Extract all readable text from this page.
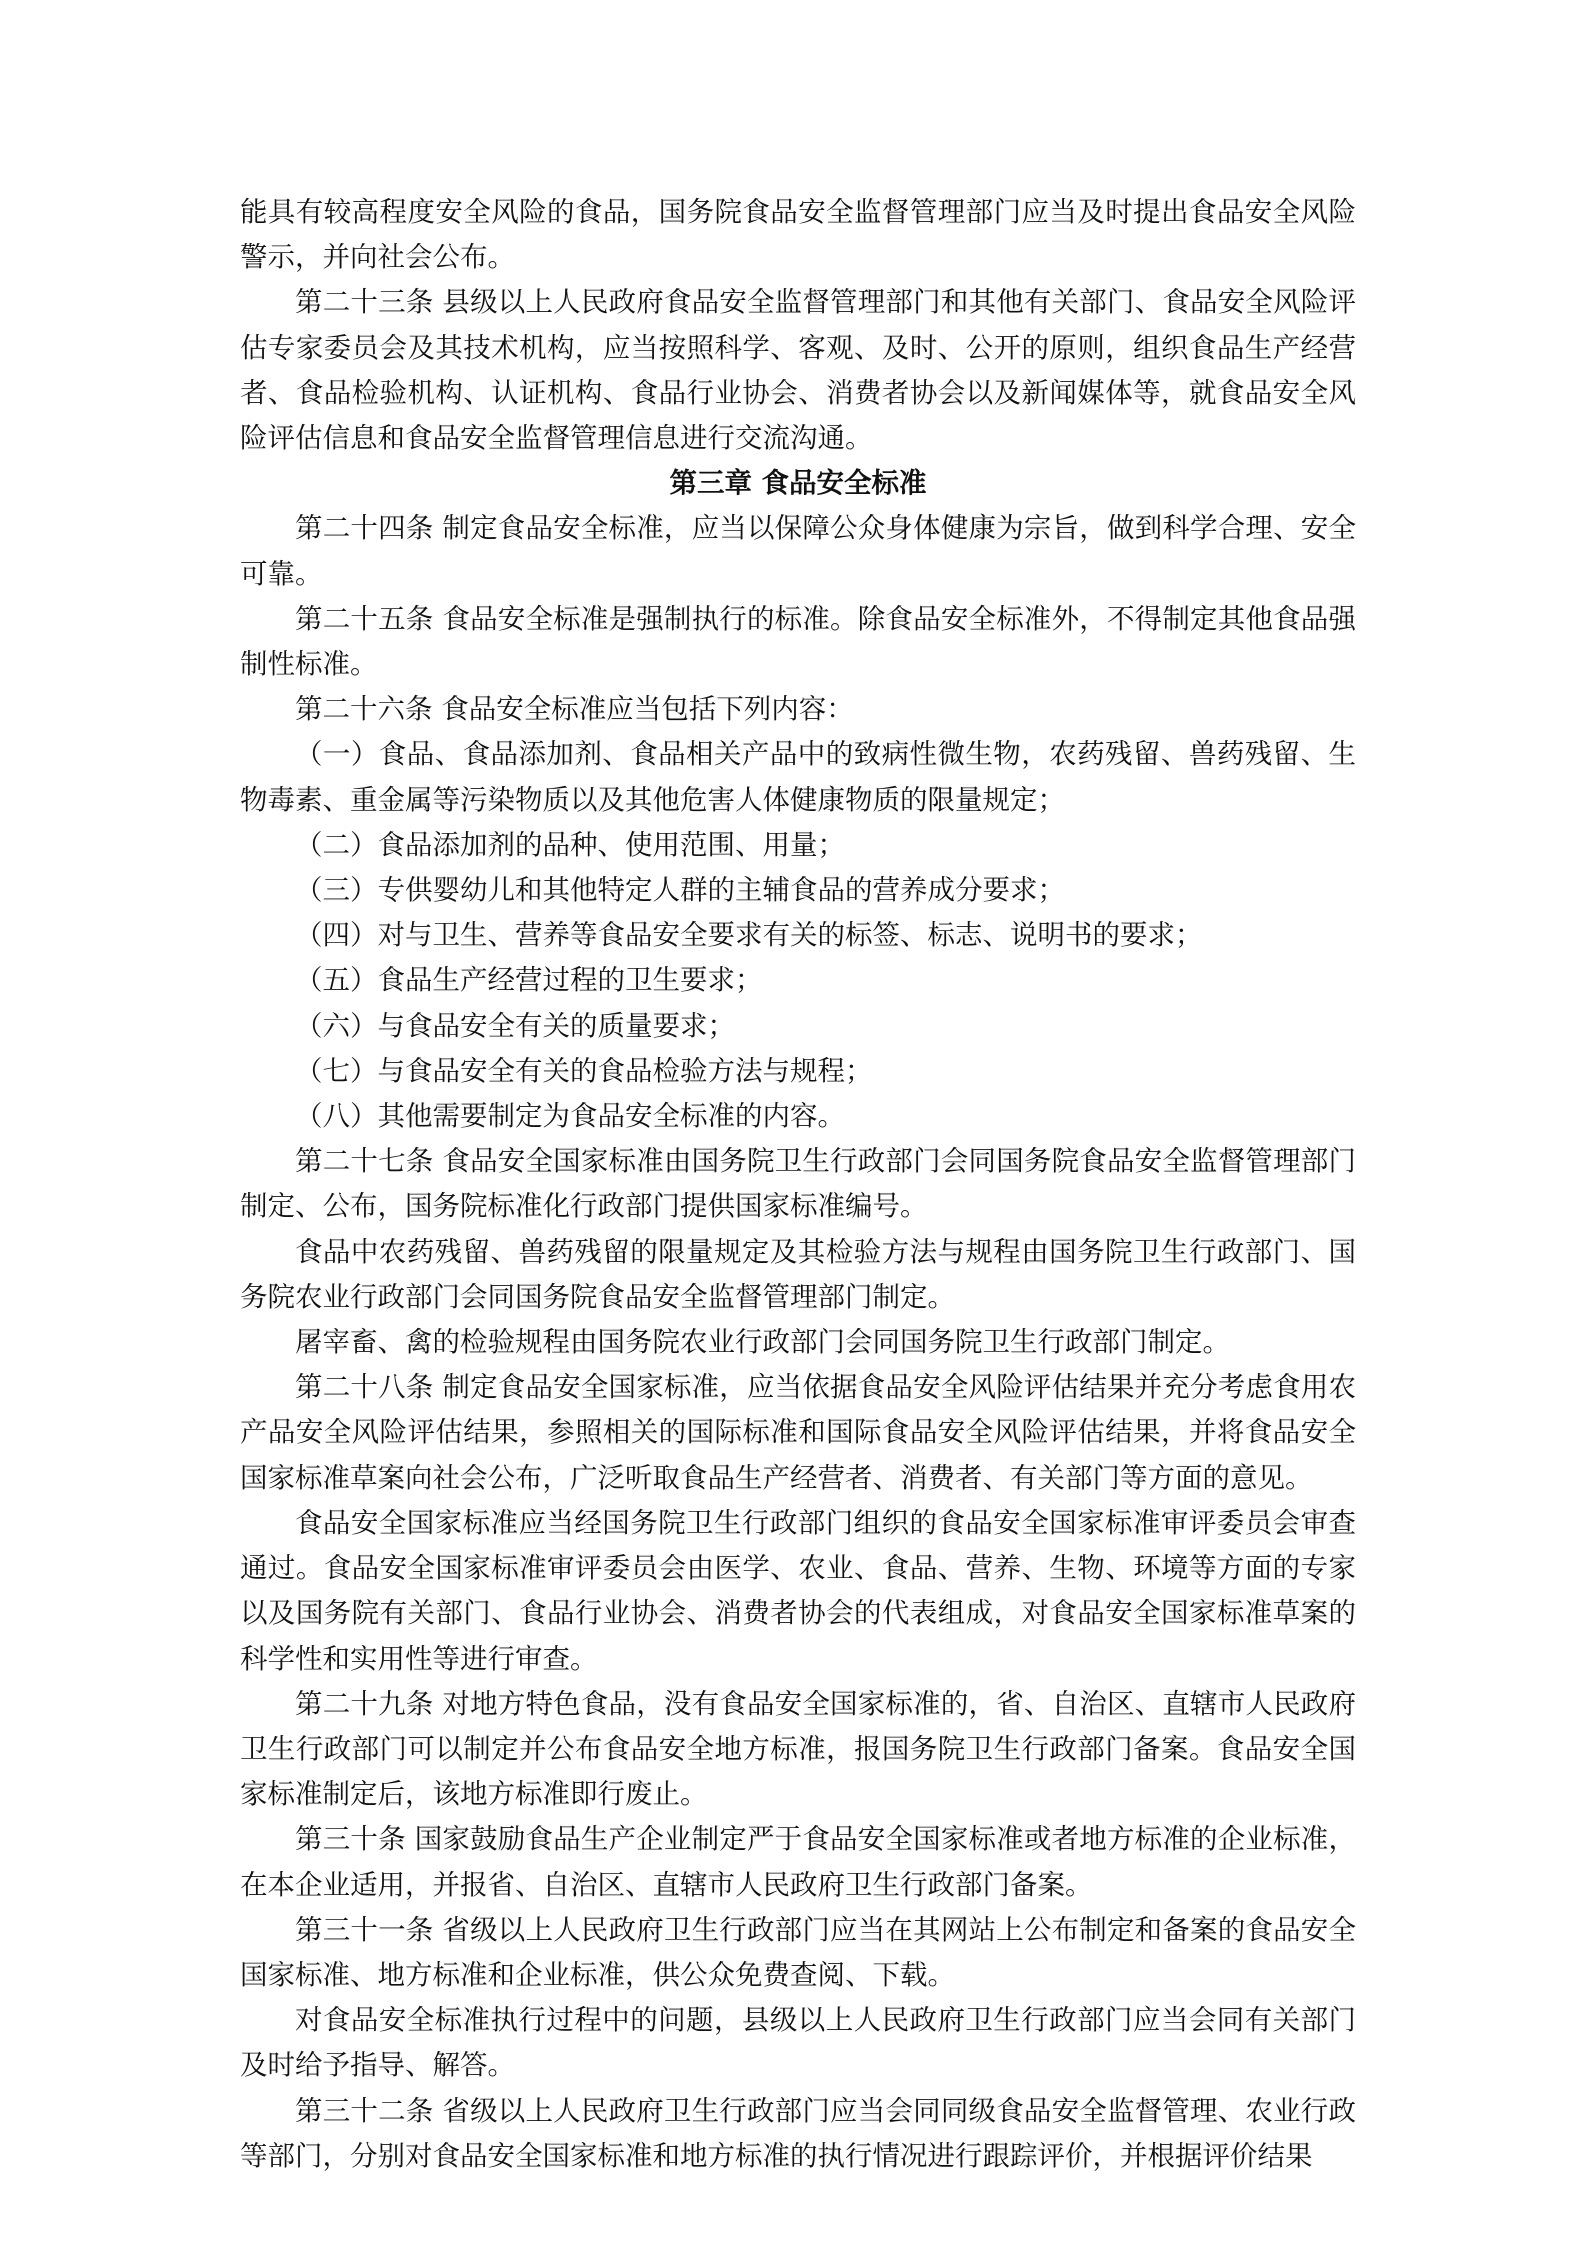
能具有较高程度安全风险的食品，国务院食品安全监督管理部门应当及时提出食品安全风险警示，并向社会公布。

第二十三条 县级以上人民政府食品安全监督管理部门和其他有关部门、食品安全风险评估专家委员会及其技术机构，应当按照科学、客观、及时、公开的原则，组织食品生产经营者、食品检验机构、认证机构、食品行业协会、消费者协会以及新闻媒体等，就食品安全风险评估信息和食品安全监督管理信息进行交流沟通。

第三章 食品安全标准

第二十四条 制定食品安全标准，应当以保障公众身体健康为宗旨，做到科学合理、安全可靠。

第二十五条 食品安全标准是强制执行的标准。除食品安全标准外，不得制定其他食品强制性标准。

第二十六条 食品安全标准应当包括下列内容：

（一）食品、食品添加剂、食品相关产品中的致病性微生物，农药残留、兽药残留、生物毒素、重金属等污染物质以及其他危害人体健康物质的限量规定；

（二）食品添加剂的品种、使用范围、用量；

（三）专供婴幼儿和其他特定人群的主辅食品的营养成分要求；

（四）对与卫生、营养等食品安全要求有关的标签、标志、说明书的要求；

（五）食品生产经营过程的卫生要求；

（六）与食品安全有关的质量要求；

（七）与食品安全有关的食品检验方法与规程；

（八）其他需要制定为食品安全标准的内容。

第二十七条 食品安全国家标准由国务院卫生行政部门会同国务院食品安全监督管理部门制定、公布，国务院标准化行政部门提供国家标准编号。

食品中农药残留、兽药残留的限量规定及其检验方法与规程由国务院卫生行政部门、国务院农业行政部门会同国务院食品安全监督管理部门制定。

屠宰畜、禽的检验规程由国务院农业行政部门会同国务院卫生行政部门制定。

第二十八条 制定食品安全国家标准，应当依据食品安全风险评估结果并充分考虑食用农产品安全风险评估结果，参照相关的国际标准和国际食品安全风险评估结果，并将食品安全国家标准草案向社会公布，广泛听取食品生产经营者、消费者、有关部门等方面的意见。

食品安全国家标准应当经国务院卫生行政部门组织的食品安全国家标准审评委员会审查通过。食品安全国家标准审评委员会由医学、农业、食品、营养、生物、环境等方面的专家以及国务院有关部门、食品行业协会、消费者协会的代表组成，对食品安全国家标准草案的科学性和实用性等进行审查。

第二十九条 对地方特色食品，没有食品安全国家标准的，省、自治区、直辖市人民政府卫生行政部门可以制定并公布食品安全地方标准，报国务院卫生行政部门备案。食品安全国家标准制定后，该地方标准即行废止。

第三十条 国家鼓励食品生产企业制定严于食品安全国家标准或者地方标准的企业标准，在本企业适用，并报省、自治区、直辖市人民政府卫生行政部门备案。

第三十一条 省级以上人民政府卫生行政部门应当在其网站上公布制定和备案的食品安全国家标准、地方标准和企业标准，供公众免费查阅、下载。

对食品安全标准执行过程中的问题，县级以上人民政府卫生行政部门应当会同有关部门及时给予指导、解答。

第三十二条 省级以上人民政府卫生行政部门应当会同同级食品安全监督管理、农业行政等部门，分别对食品安全国家标准和地方标准的执行情况进行跟踪评价，并根据评价结果
